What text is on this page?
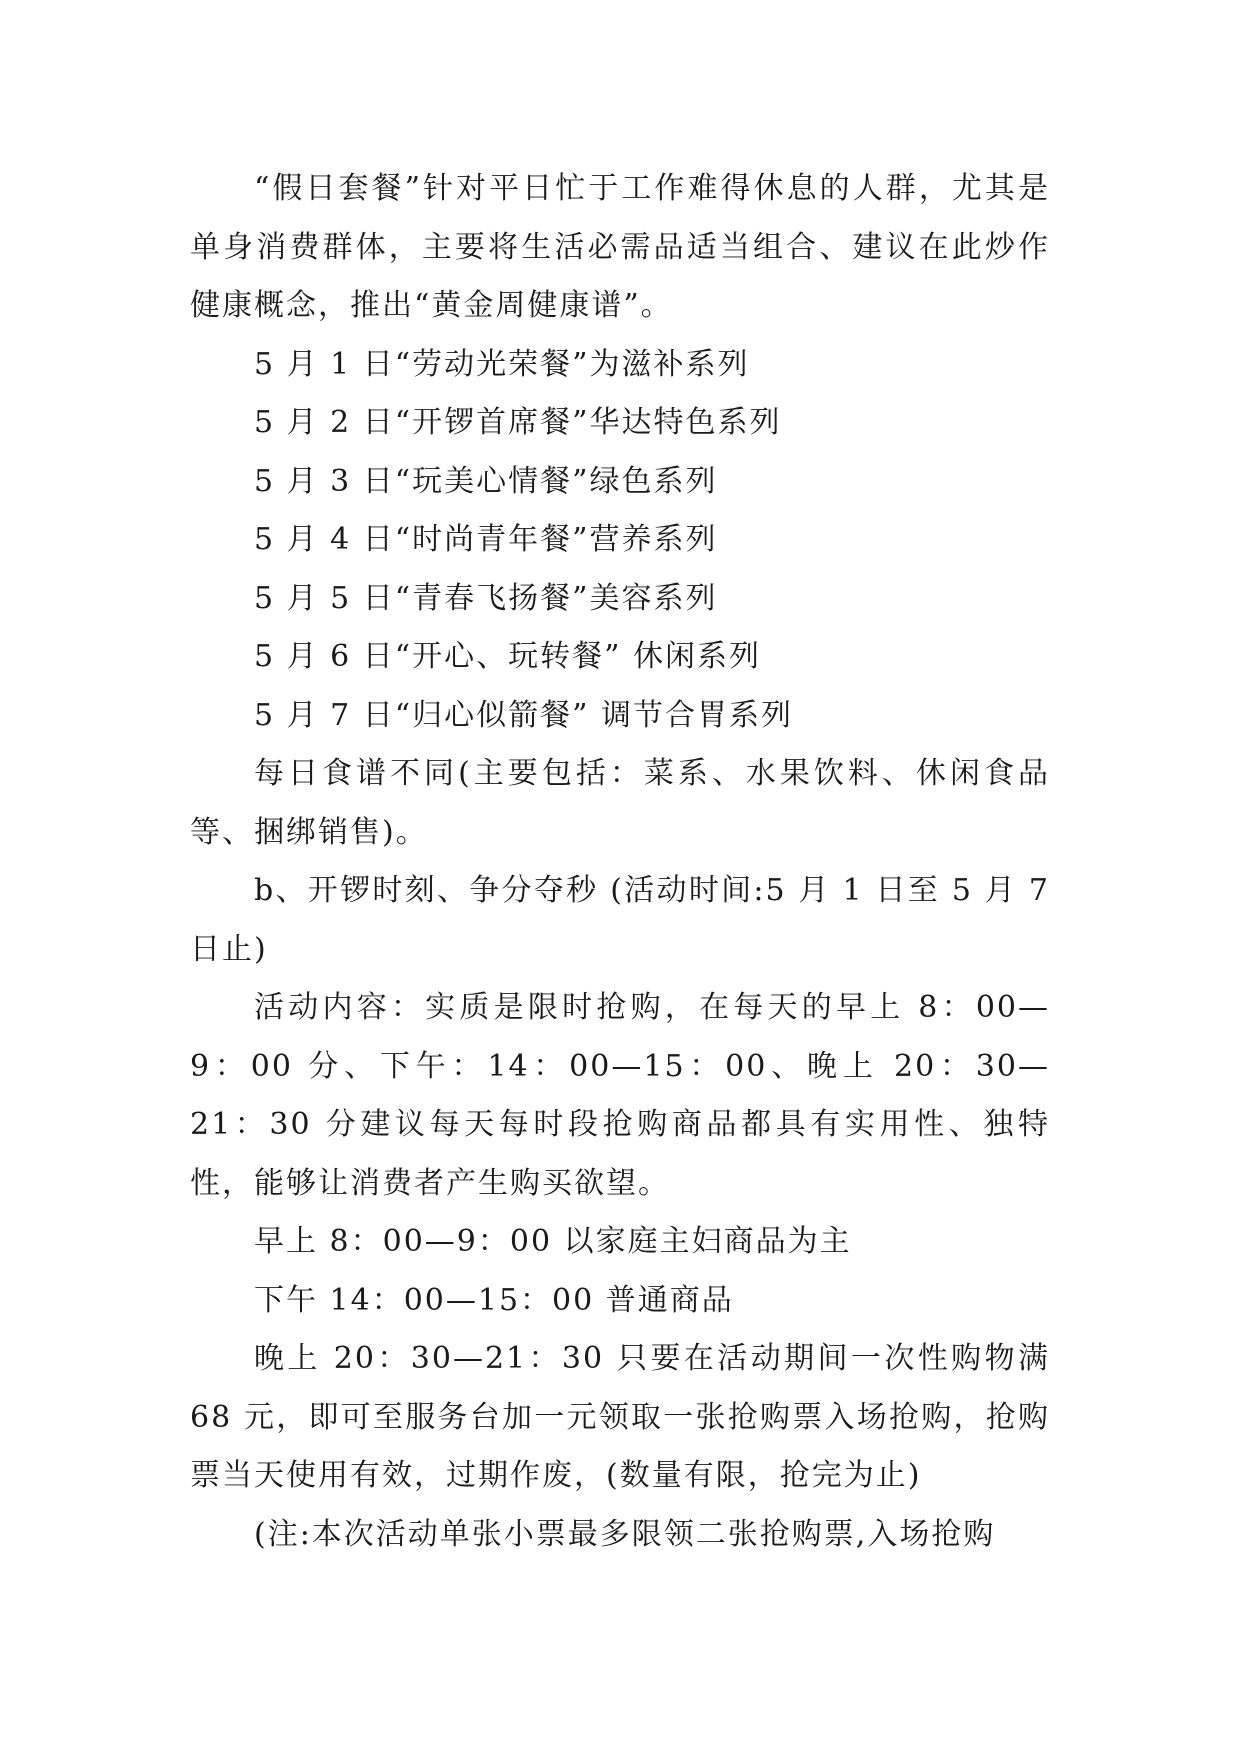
“假日套餐”针对平日忙于工作难得休息的人群，尤其是单身消费群体，主要将生活必需品适当组合、建议在此炒作健康概念，推出“黄金周健康谱”。

5 月 1 日“劳动光荣餐”为滋补系列

5 月 2 日“开锣首席餐”华达特色系列

5 月 3 日“玩美心情餐”绿色系列

5 月 4 日“时尚青年餐”营养系列

5 月 5 日“青春飞扬餐”美容系列

5 月 6 日“开心、玩转餐” 休闲系列

5 月 7 日“归心似箭餐” 调节合胃系列

每日食谱不同(主要包括：菜系、水果饮料、休闲食品等、捆绑销售)。

b、开锣时刻、争分夺秒 (活动时间:5 月 1 日至 5 月 7 日止)

活动内容：实质是限时抢购，在每天的早上 8：00—9：00 分、下午：14：00—15：00、晚上 20：30—21：30 分建议每天每时段抢购商品都具有实用性、独特性，能够让消费者产生购买欲望。

早上 8：00—9：00 以家庭主妇商品为主

下午 14：00—15：00 普通商品

晚上 20：30—21：30 只要在活动期间一次性购物满 68 元，即可至服务台加一元领取一张抢购票入场抢购，抢购票当天使用有效，过期作废，(数量有限，抢完为止)

(注:本次活动单张小票最多限领二张抢购票,入场抢购
